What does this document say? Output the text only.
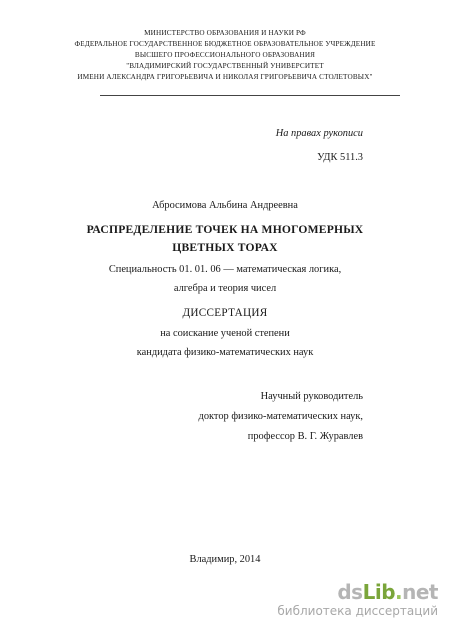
МИНИСТЕРСТВО ОБРАЗОВАНИЯ И НАУКИ РФ
ФЕДЕРАЛЬНОЕ ГОСУДАРСТВЕННОЕ БЮДЖЕТНОЕ ОБРАЗОВАТЕЛЬНОЕ УЧРЕЖДЕНИЕ
ВЫСШЕГО ПРОФЕССИОНАЛЬНОГО ОБРАЗОВАНИЯ
"ВЛАДИМИРСКИЙ ГОСУДАРСТВЕННЫЙ УНИВЕРСИТЕТ
ИМЕНИ АЛЕКСАНДРА ГРИГОРЬЕВИЧА И НИКОЛАЯ ГРИГОРЬЕВИЧА СТОЛЕТОВЫХ"
На правах рукописи
УДК 511.3
Абросимова Альбина Андреевна
РАСПРЕДЕЛЕНИЕ ТОЧЕК НА МНОГОМЕРНЫХ
ЦВЕТНЫХ ТОРАХ
Специальность 01. 01. 06 — математическая логика,
алгебра и теория чисел
ДИССЕРТАЦИЯ
на соискание ученой степени
кандидата физико-математических наук
Научный руководитель
доктор физико-математических наук,
профессор В. Г. Журавлев
Владимир, 2014
dsLib.net
библиотека диссертаций
